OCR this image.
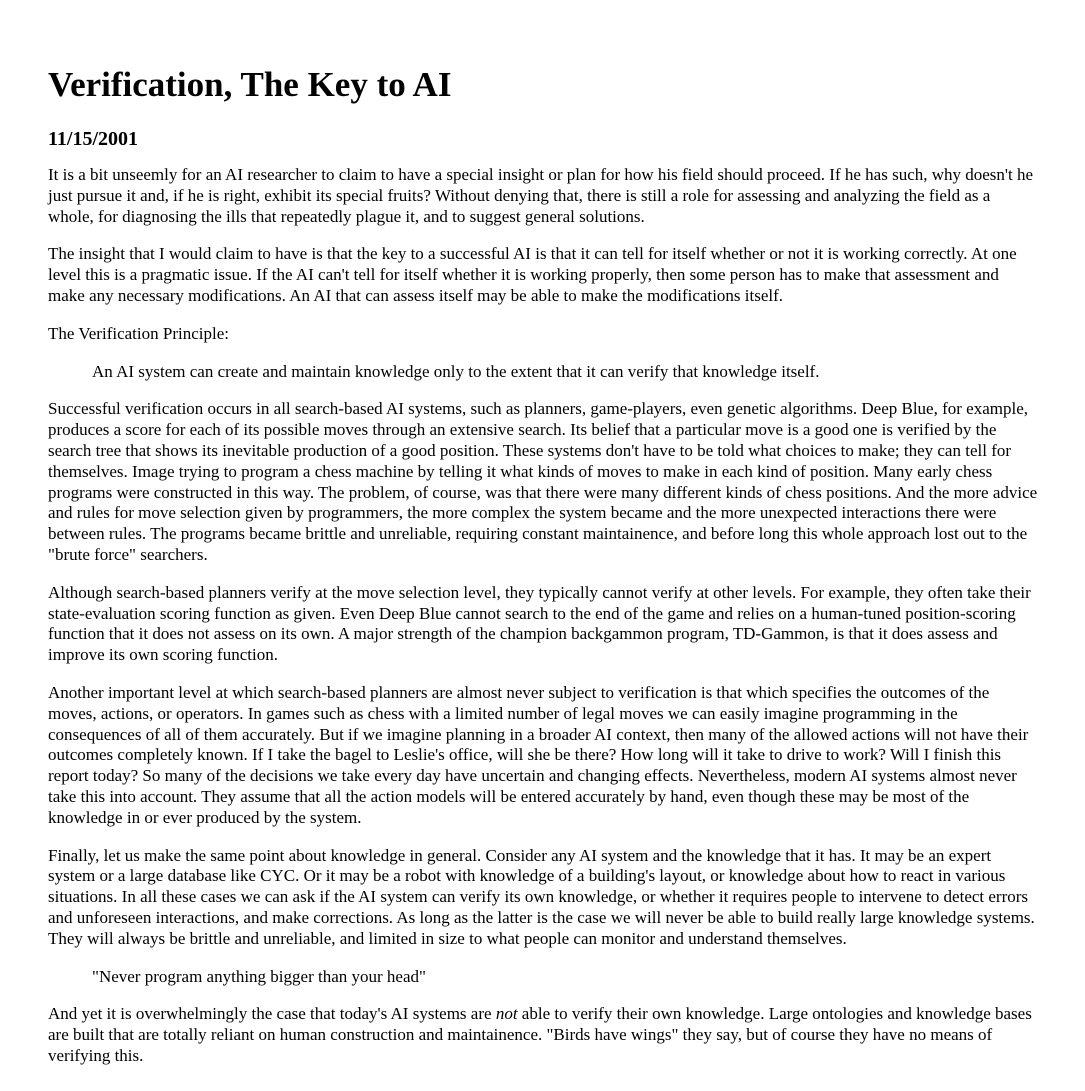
Verification, The Key to AI
11/15/2001

It is a bit unseemly for an AI researcher to claim to have a special insight or plan for how his field should proceed. If he has such, why doesn't he just pursue it and, if he is right, exhibit its special fruits? Without denying that, there is still a role for assessing and analyzing the field as a whole, for diagnosing the ills that repeatedly plague it, and to suggest general solutions.

The insight that I would claim to have is that the key to a successful AI is that it can tell for itself whether or not it is working correctly. At one level this is a pragmatic issue. If the AI can't tell for itself whether it is working properly, then some person has to make that assessment and make any necessary modifications. An AI that can assess itself may be able to make the modifications itself.

The Verification Principle:

An AI system can create and maintain knowledge only to the extent that it can verify that knowledge itself.

Successful verification occurs in all search-based AI systems, such as planners, game-players, even genetic algorithms. Deep Blue, for example, produces a score for each of its possible moves through an extensive search. Its belief that a particular move is a good one is verified by the search tree that shows its inevitable production of a good position. These systems don't have to be told what choices to make; they can tell for themselves. Image trying to program a chess machine by telling it what kinds of moves to make in each kind of position. Many early chess programs were constructed in this way. The problem, of course, was that there were many different kinds of chess positions. And the more advice and rules for move selection given by programmers, the more complex the system became and the more unexpected interactions there were between rules. The programs became brittle and unreliable, requiring constant maintainence, and before long this whole approach lost out to the "brute force" searchers.

Although search-based planners verify at the move selection level, they typically cannot verify at other levels. For example, they often take their state-evaluation scoring function as given. Even Deep Blue cannot search to the end of the game and relies on a human-tuned position-scoring function that it does not assess on its own. A major strength of the champion backgammon program, TD-Gammon, is that it does assess and improve its own scoring function.

Another important level at which search-based planners are almost never subject to verification is that which specifies the outcomes of the moves, actions, or operators. In games such as chess with a limited number of legal moves we can easily imagine programming in the consequences of all of them accurately. But if we imagine planning in a broader AI context, then many of the allowed actions will not have their outcomes completely known. If I take the bagel to Leslie's office, will she be there? How long will it take to drive to work? Will I finish this report today? So many of the decisions we take every day have uncertain and changing effects. Nevertheless, modern AI systems almost never take this into account. They assume that all the action models will be entered accurately by hand, even though these may be most of the knowledge in or ever produced by the system.

Finally, let us make the same point about knowledge in general. Consider any AI system and the knowledge that it has. It may be an expert system or a large database like CYC. Or it may be a robot with knowledge of a building's layout, or knowledge about how to react in various situations. In all these cases we can ask if the AI system can verify its own knowledge, or whether it requires people to intervene to detect errors and unforeseen interactions, and make corrections. As long as the latter is the case we will never be able to build really large knowledge systems. They will always be brittle and unreliable, and limited in size to what people can monitor and understand themselves.

"Never program anything bigger than your head"

And yet it is overwhelmingly the case that today's AI systems are not able to verify their own knowledge. Large ontologies and knowledge bases are built that are totally reliant on human construction and maintainence. "Birds have wings" they say, but of course they have no means of verifying this.
